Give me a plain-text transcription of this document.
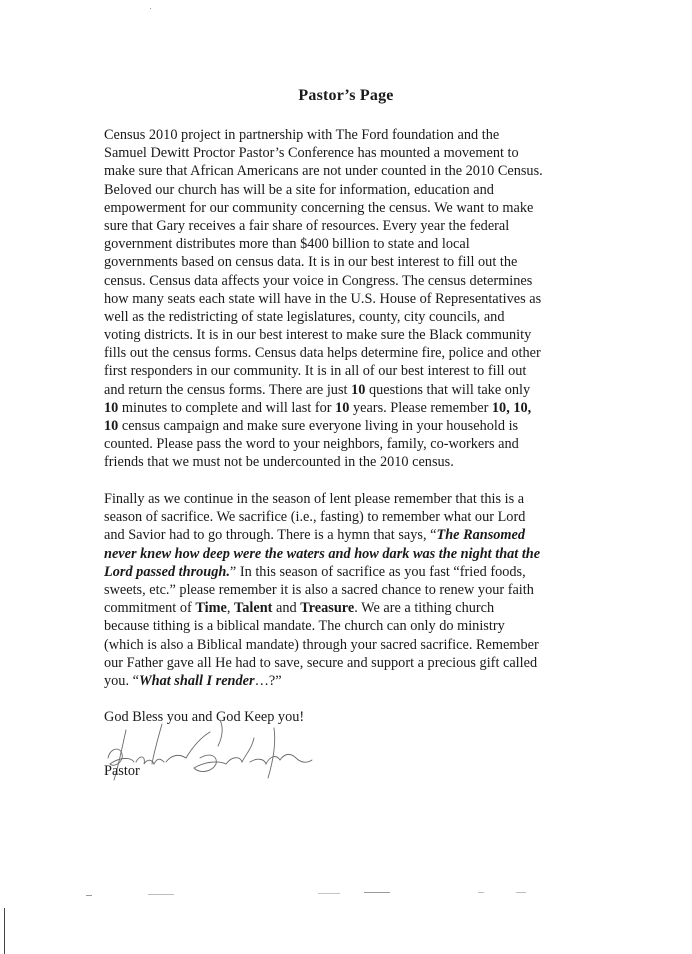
Pastor’s Page
Census 2010 project in partnership with The Ford foundation and the
Samuel Dewitt Proctor Pastor’s Conference has mounted a movement to
make sure that African Americans are not under counted in the 2010 Census.
Beloved our church has will be a site for information, education and
empowerment for our community concerning the census. We want to make
sure that Gary receives a fair share of resources. Every year the federal
government distributes more than $400 billion to state and local
governments based on census data. It is in our best interest to fill out the
census. Census data affects your voice in Congress. The census determines
how many seats each state will have in the U.S. House of Representatives as
well as the redistricting of state legislatures, county, city councils, and
voting districts. It is in our best interest to make sure the Black community
fills out the census forms. Census data helps determine fire, police and other
first responders in our community. It is in all of our best interest to fill out
and return the census forms. There are just 10 questions that will take only
10 minutes to complete and will last for 10 years. Please remember 10, 10,
10 census campaign and make sure everyone living in your household is
counted. Please pass the word to your neighbors, family, co-workers and
friends that we must not be undercounted in the 2010 census.
Finally as we continue in the season of lent please remember that this is a
season of sacrifice. We sacrifice (i.e., fasting) to remember what our Lord
and Savior had to go through. There is a hymn that says, “The Ransomed
never knew how deep were the waters and how dark was the night that the
Lord passed through.” In this season of sacrifice as you fast “fried foods,
sweets, etc.” please remember it is also a sacred chance to renew your faith
commitment of Time, Talent and Treasure. We are a tithing church
because tithing is a biblical mandate. The church can only do ministry
(which is also a Biblical mandate) through your sacred sacrifice. Remember
our Father gave all He had to save, secure and support a precious gift called
you. “What shall I render…?”
God Bless you and God Keep you!
Pastor
